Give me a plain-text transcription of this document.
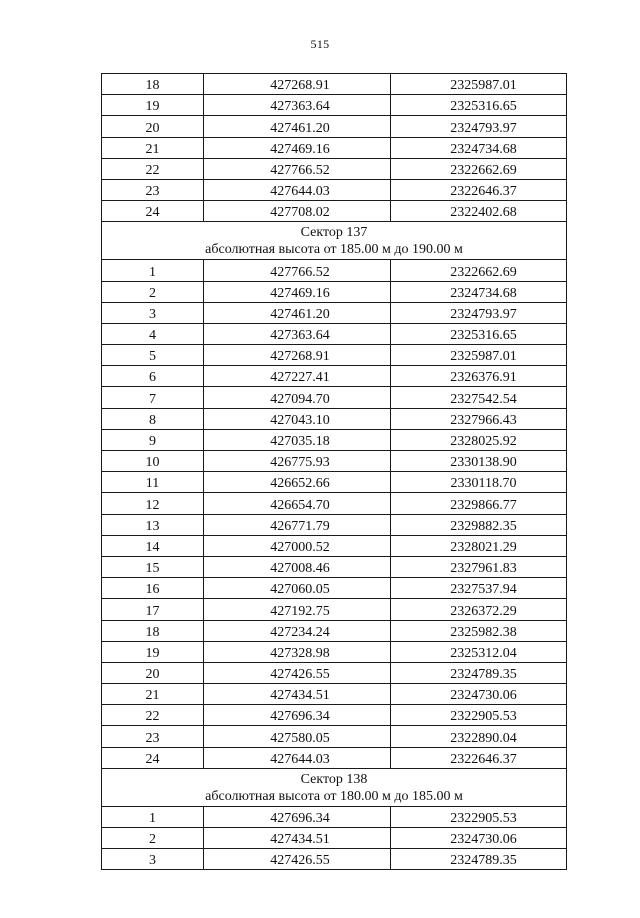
515
18	427268.91	2325987.01
19	427363.64	2325316.65
20	427461.20	2324793.97
21	427469.16	2324734.68
22	427766.52	2322662.69
23	427644.03	2322646.37
24	427708.02	2322402.68

Сектор 137
абсолютная высота от 185.00 м до 190.00 м		

1	427766.52	2322662.69
2	427469.16	2324734.68
3	427461.20	2324793.97
4	427363.64	2325316.65
5	427268.91	2325987.01
6	427227.41	2326376.91
7	427094.70	2327542.54
8	427043.10	2327966.43
9	427035.18	2328025.92
10	426775.93	2330138.90
11	426652.66	2330118.70
12	426654.70	2329866.77
13	426771.79	2329882.35
14	427000.52	2328021.29
15	427008.46	2327961.83
16	427060.05	2327537.94
17	427192.75	2326372.29
18	427234.24	2325982.38
19	427328.98	2325312.04
20	427426.55	2324789.35
21	427434.51	2324730.06
22	427696.34	2322905.53
23	427580.05	2322890.04
24	427644.03	2322646.37

Сектор 138
абсолютная высота от 180.00 м до 185.00 м		

1	427696.34	2322905.53
2	427434.51	2324730.06
3	427426.55	2324789.35
